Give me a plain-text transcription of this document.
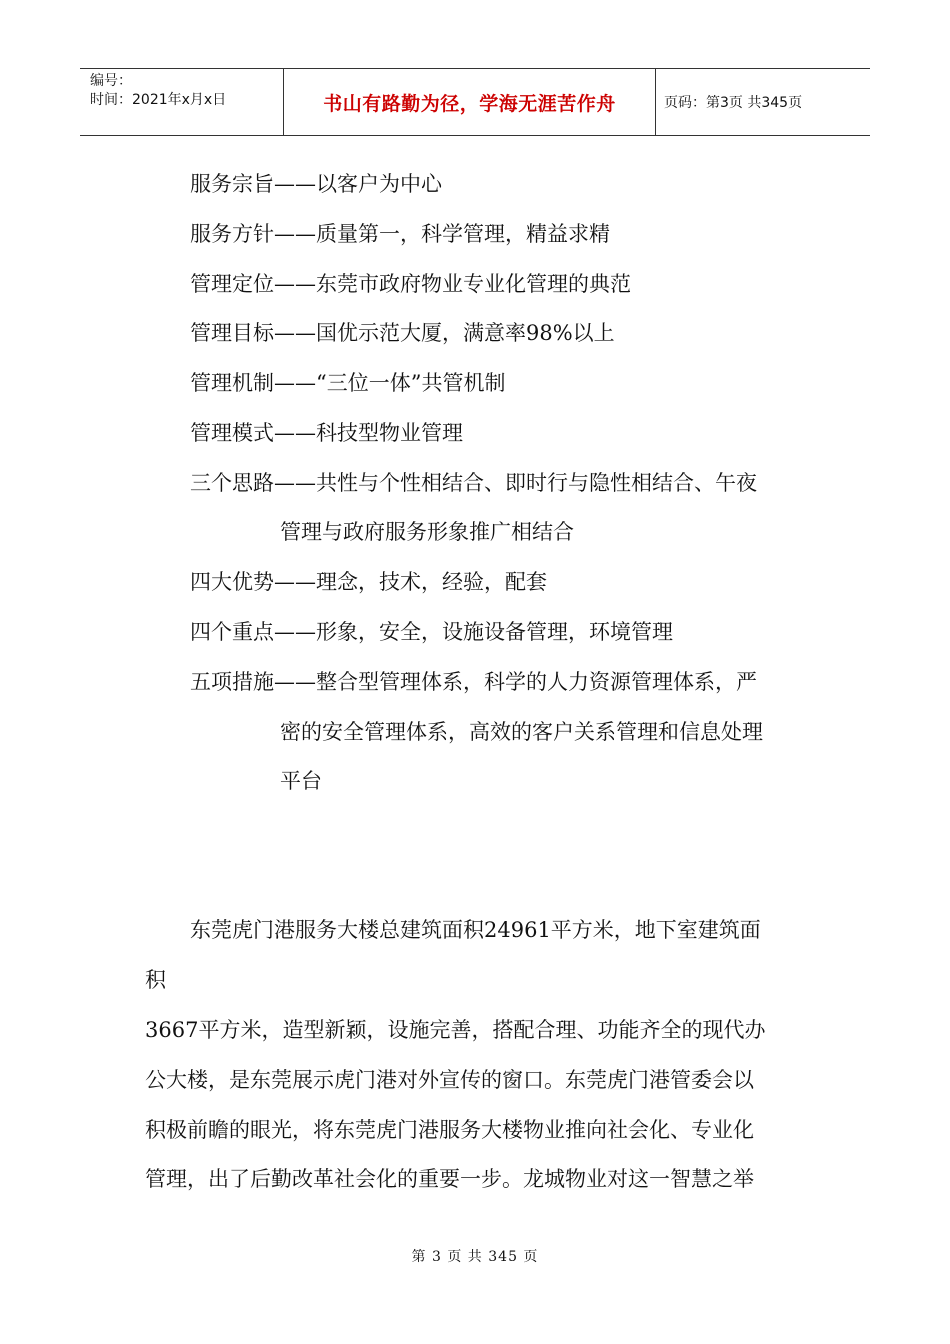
编号：
时间：2021年x月x日	书山有路勤为径，学海无涯苦作舟	页码：第3页 共345页
服务宗旨——以客户为中心
服务方针——质量第一，科学管理，精益求精
管理定位——东莞市政府物业专业化管理的典范
管理目标——国优示范大厦，满意率98%以上
管理机制——“三位一体”共管机制
管理模式——科技型物业管理
三个思路——共性与个性相结合、即时行与隐性相结合、午夜
管理与政府服务形象推广相结合
四大优势——理念，技术，经验，配套
四个重点——形象，安全，设施设备管理，环境管理
五项措施——整合型管理体系，科学的人力资源管理体系，严
密的安全管理体系，高效的客户关系管理和信息处理
平台
东莞虎门港服务大楼总建筑面积24961平方米，地下室建筑面
积
3667平方米，造型新颖，设施完善，搭配合理、功能齐全的现代办
公大楼，是东莞展示虎门港对外宣传的窗口。东莞虎门港管委会以
积极前瞻的眼光，将东莞虎门港服务大楼物业推向社会化、专业化
管理，出了后勤改革社会化的重要一步。龙城物业对这一智慧之举
第 3 页 共 345 页
